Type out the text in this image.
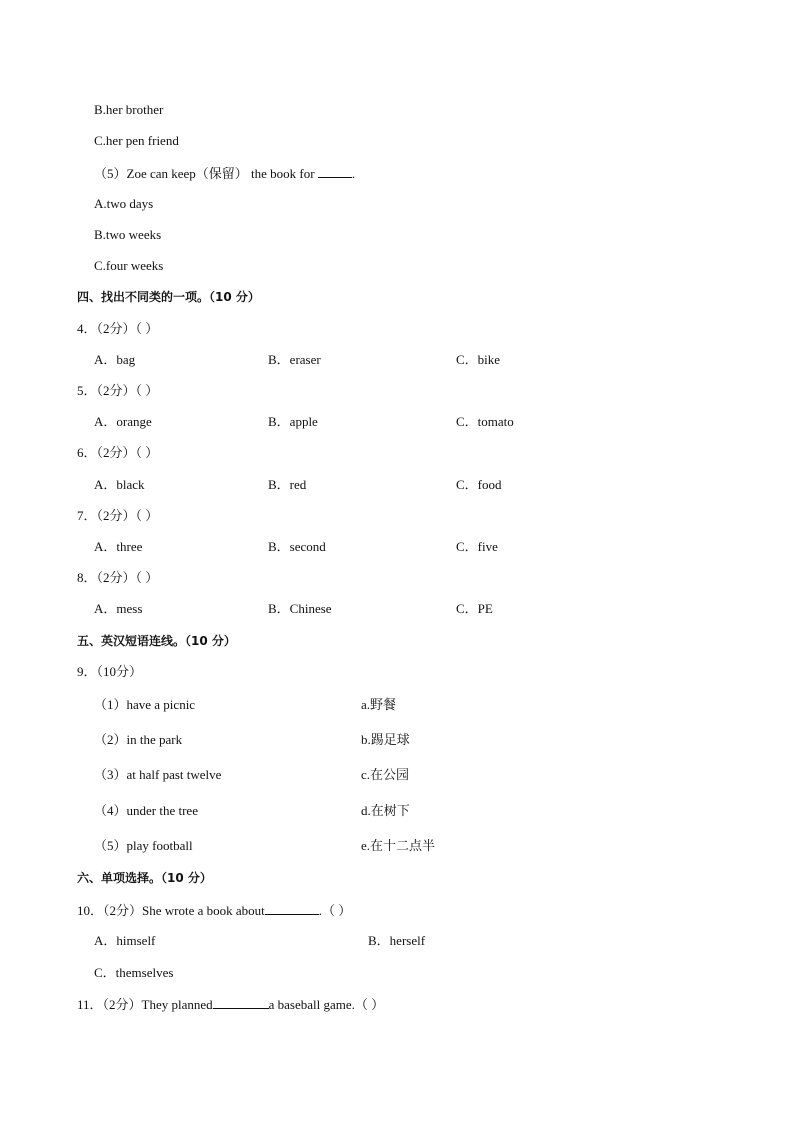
B.her brother
C.her pen friend
（5）Zoe can keep（保留） the book for	.
A.two days
B.two weeks
C.four weeks
四、找出不同类的一项。（10 分）
4．（2分）（ ）
A．bag	B．eraser	C．bike
5．（2分）（ ）
A．orange	B．apple	C．tomato
6．（2分）（ ）
A．black	B．red	C．food
7．（2分）（ ）
A．three	B．second	C．five
8．（2分）（ ）
A．mess	B．Chinese	C．PE
五、英汉短语连线。（10 分）
9．（10分）
（1）have a picnic	a.野餐
（2）in the park	b.踢足球
（3）at half past twelve	c.在公园
（4）under the tree	d.在树下
（5）play football	e.在十二点半
六、单项选择。（10 分）
10．（2分）She wrote a book about	.（ ）
A．himself	B．herself
C．themselves
11．（2分）They planned	a baseball game.（ ）
